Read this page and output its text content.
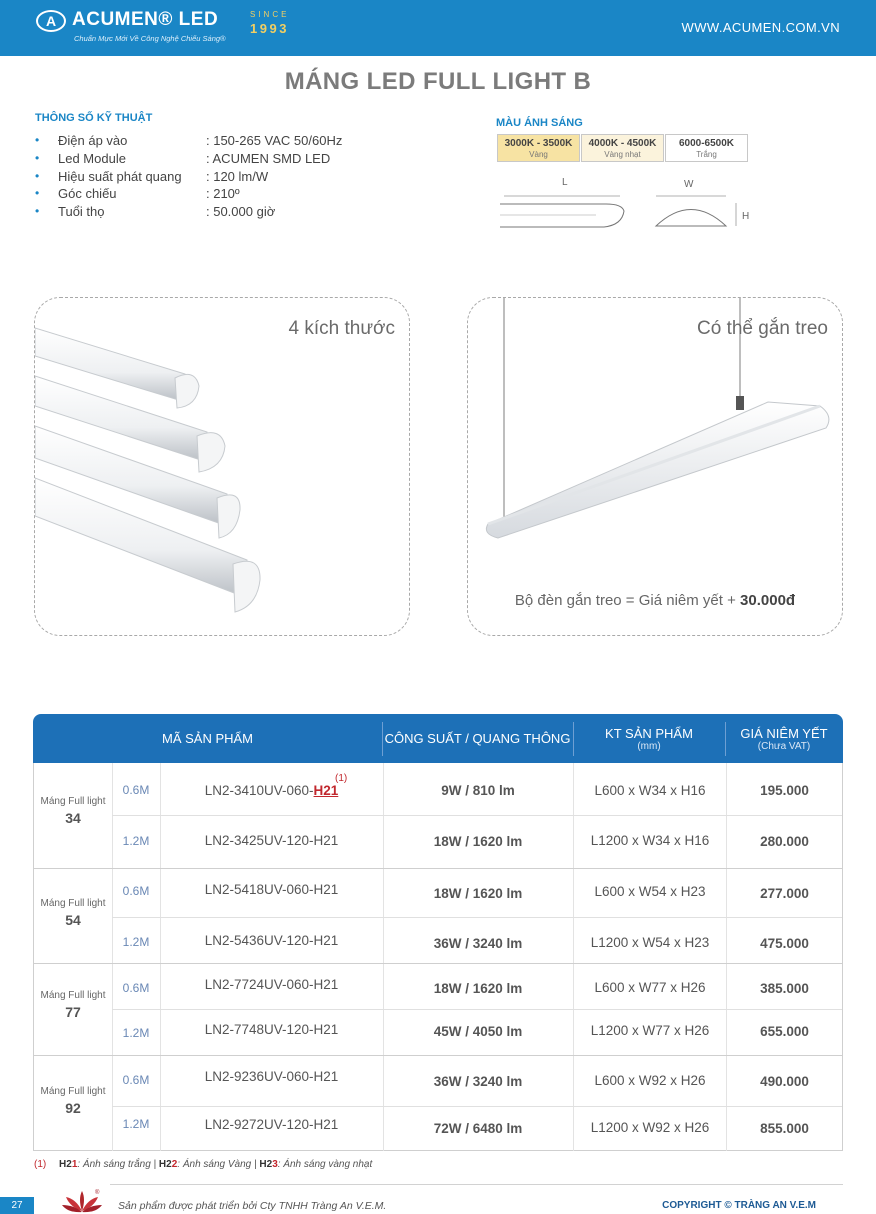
A ACUMEN® LED
Chuẩn Mực Mới Về Công Nghệ Chiếu Sáng®
SINCE
1993	WWW.ACUMEN.COM.VN
MÁNG LED FULL LIGHT B
THÔNG SỐ KỸ THUẬT
• Điện áp vào	: 150-265 VAC 50/60Hz
• Led Module	: ACUMEN SMD LED
• Hiệu suất phát quang : 120 lm/W
• Góc chiếu	: 210º
• Tuổi thọ	: 50.000 giờ
MÀU ÁNH SÁNG
3000K - 3500K
Vàng
4000K - 4500K
Vàng nhạt
6000-6500K
Trắng
L	W
H
4 kích thước	Có thể gắn treo
Bộ đèn gắn treo = Giá niêm yết + 30.000đ
MÃ SẢN PHẨM	CÔNG SUẤT / QUANG THÔNG	KT SẢN PHẨM
(mm)
GIÁ NIÊM YẾT
(Chưa VAT)
Máng Full light
34
0.6M
(1)
LN2-3410UV-060-H21	9W / 810 lm	L600 x W34 x H16	195.000
1.2M	LN2-3425UV-120-H21	18W / 1620 lm	L1200 x W34 x H16	280.000
Máng Full light
54
0.6M	LN2-5418UV-060-H21	18W / 1620 lm	L600 x W54 x H23	277.000
1.2M	LN2-5436UV-120-H21	36W / 3240 lm	L1200 x W54 x H23	475.000
Máng Full light
77
0.6M	LN2-7724UV-060-H21	18W / 1620 lm	L600 x W77 x H26	385.000
1.2M	LN2-7748UV-120-H21	45W / 4050 lm	L1200 x W77 x H26	655.000
Máng Full light
92
0.6M	LN2-9236UV-060-H21	36W / 3240 lm	L600 x W92 x H26	490.000
1.2M	LN2-9272UV-120-H21	72W / 6480 lm	L1200 x W92 x H26	855.000
(1) H21: Ánh sáng trắng | H22: Ánh sáng Vàng | H23: Ánh sáng vàng nhạt
27
®
Sản phẩm được phát triển bởi Cty TNHH Tràng An V.E.M.	COPYRIGHT © TRÀNG AN V.E.M
